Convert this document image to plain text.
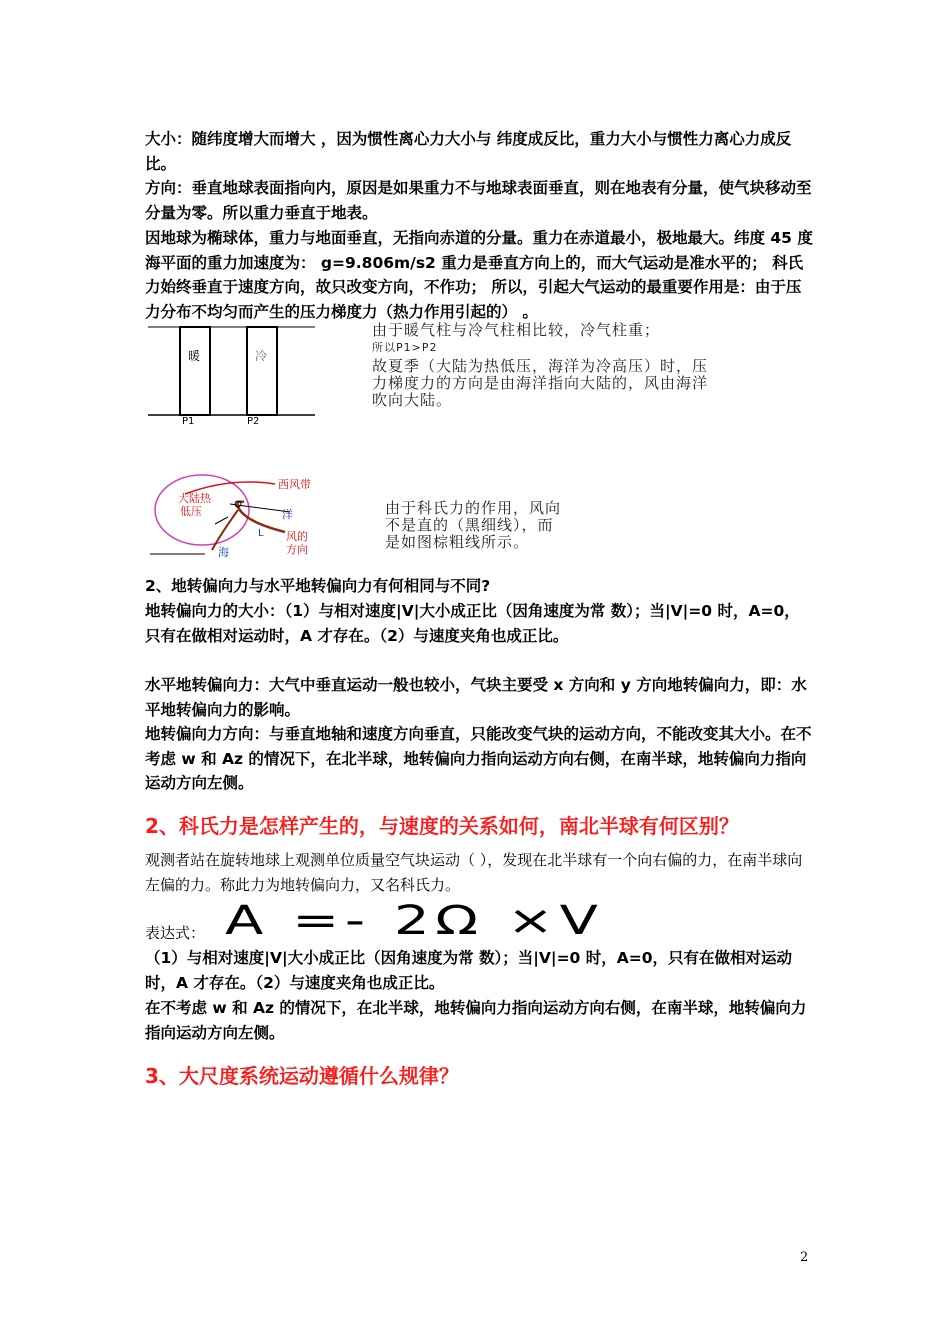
大小：随纬度增大而增大 ，因为惯性离心力大小与 纬度成反比，重力大小与惯性力离心力成反比。

方向：垂直地球表面指向内，原因是如果重力不与地球表面垂直，则在地表有分量，使气块移动至分量为零。所以重力垂直于地表。

因地球为椭球体，重力与地面垂直，无指向赤道的分量。重力在赤道最小，极地最大。纬度 45 度海平面的重力加速度为： g=9.806m/s2 重力是垂直方向上的，而大气运动是准水平的； 科氏力始终垂直于速度方向，故只改变方向，不作功； 所以，引起大气运动的最重要作用是：由于压力分布不均匀而产生的压力梯度力（热力作用引起的） 。

暖	冷
P1	P2
由于暖气柱与冷气柱相比较，冷气柱重；
所以P1>P2
故夏季（大陆为热低压，海洋为冷高压）时，压
力梯度力的方向是由海洋指向大陆的，风由海洋
吹向大陆。
西风带
大陆热
低压	洋
海
L 风的
方向
由于科氏力的作用，风向
不是直的（黑细线），而
是如图棕粗线所示。

2、地转偏向力与水平地转偏向力有何相同与不同?

地转偏向力的大小：（1）与相对速度|V|大小成正比（因角速度为常 数）；当|V|=0 时，A=0，只有在做相对运动时，A 才存在。（2）与速度夹角也成正比。

水平地转偏向力：大气中垂直运动一般也较小，气块主要受 x 方向和 y 方向地转偏向力，即：水平地转偏向力的影响。

地转偏向力方向：与垂直地轴和速度方向垂直，只能改变气块的运动方向，不能改变其大小。在不考虑 w 和 Az 的情况下，在北半球，地转偏向力指向运动方向右侧，在南半球，地转偏向力指向运动方向左侧。

2、科氏力是怎样产生的，与速度的关系如何，南北半球有何区别？

观测者站在旋转地球上观测单位质量空气块运动（ ），发现在北半球有一个向右偏的力，在南半球向左偏的力。称此力为地转偏向力，又名科氏力。

表达式： A =- 2Ω ×V

（1）与相对速度|V|大小成正比（因角速度为常 数）；当|V|=0 时，A=0，只有在做相对运动时，A 才存在。（2）与速度夹角也成正比。

在不考虑 w 和 Az 的情况下，在北半球，地转偏向力指向运动方向右侧，在南半球，地转偏向力指向运动方向左侧。

3、大尺度系统运动遵循什么规律？
2
